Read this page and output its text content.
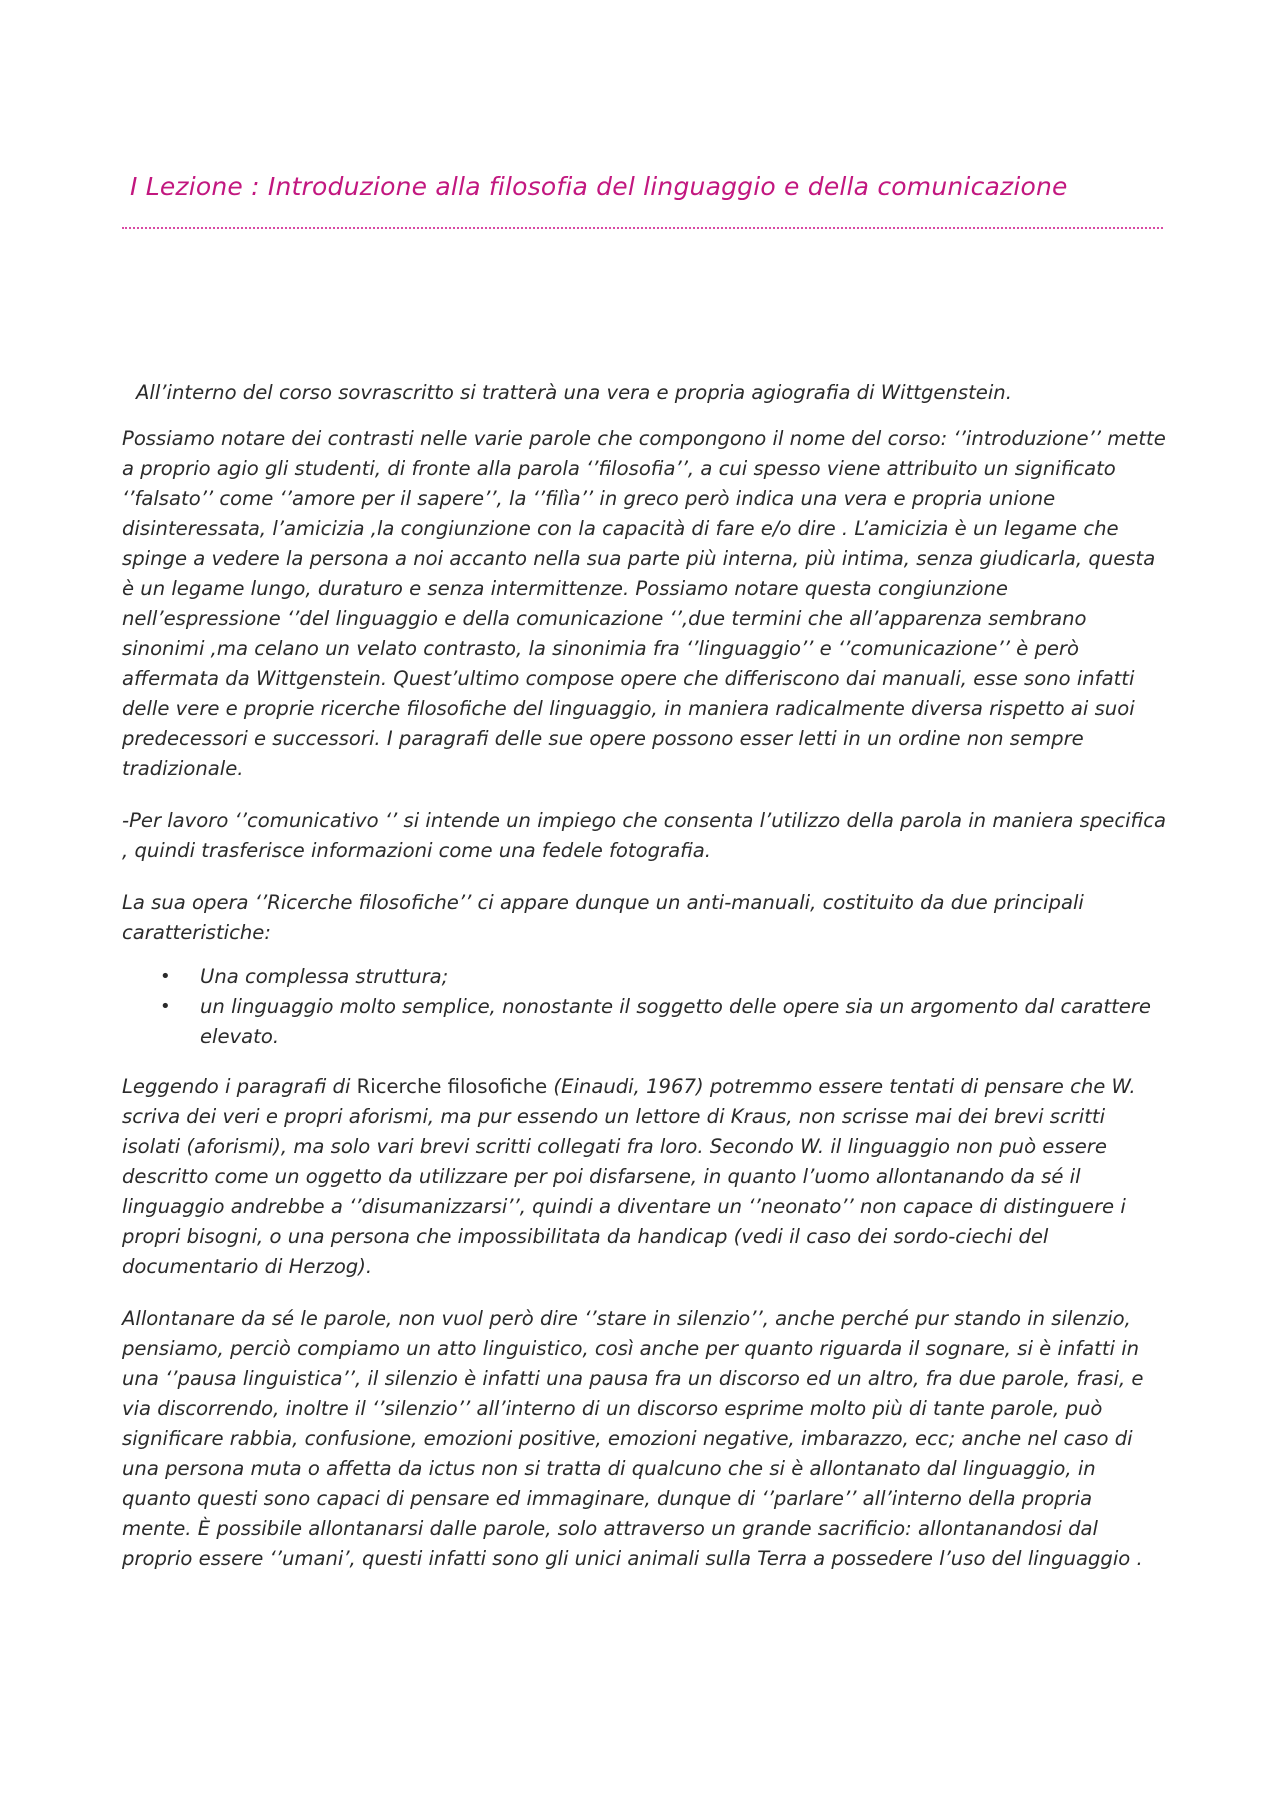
I Lezione : Introduzione alla filosofia del linguaggio e della comunicazione

All’interno del corso sovrascritto si tratterà una vera e propria agiografia di Wittgenstein.

Possiamo notare dei contrasti nelle varie parole che compongono il nome del corso: ‘’introduzione’’ mette a proprio agio gli studenti, di fronte alla parola ‘’filosofia’’, a cui spesso viene attribuito un significato ‘’falsato’’ come ‘’amore per il sapere’’, la ‘’filìa’’ in greco però indica una vera e propria unione disinteressata, l’amicizia ,la congiunzione con la capacità di fare e/o dire . L’amicizia è un legame che spinge a vedere la persona a noi accanto nella sua parte più interna, più intima, senza giudicarla, questa è un legame lungo, duraturo e senza intermittenze. Possiamo notare questa congiunzione nell’espressione ‘’del linguaggio e della comunicazione ‘’,due termini che all’apparenza sembrano sinonimi ,ma celano un velato contrasto, la sinonimia fra ‘’linguaggio’’ e ‘’comunicazione’’ è però affermata da Wittgenstein. Quest’ultimo compose opere che differiscono dai manuali, esse sono infatti delle vere e proprie ricerche filosofiche del linguaggio, in maniera radicalmente diversa rispetto ai suoi predecessori e successori. I paragrafi delle sue opere possono esser letti in un ordine non sempre tradizionale.

-Per lavoro ‘’comunicativo ‘’ si intende un impiego che consenta l’utilizzo della parola in maniera specifica , quindi trasferisce informazioni come una fedele fotografia.

La sua opera ‘’Ricerche filosofiche’’ ci appare dunque un anti-manuali, costituito da due principali caratteristiche:

• Una complessa struttura;
• un linguaggio molto semplice, nonostante il soggetto delle opere sia un argomento dal carattere elevato.

Leggendo i paragrafi di Ricerche filosofiche (Einaudi, 1967) potremmo essere tentati di pensare che W. scriva dei veri e propri aforismi, ma pur essendo un lettore di Kraus, non scrisse mai dei brevi scritti isolati (aforismi), ma solo vari brevi scritti collegati fra loro. Secondo W. il linguaggio non può essere descritto come un oggetto da utilizzare per poi disfarsene, in quanto l’uomo allontanando da sé il linguaggio andrebbe a ‘’disumanizzarsi’’, quindi a diventare un ‘’neonato’’ non capace di distinguere i propri bisogni, o una persona che impossibilitata da handicap (vedi il caso dei sordo-ciechi del documentario di Herzog).

Allontanare da sé le parole, non vuol però dire ‘’stare in silenzio’’, anche perché pur stando in silenzio, pensiamo, perciò compiamo un atto linguistico, così anche per quanto riguarda il sognare, si è infatti in una ‘’pausa linguistica’’, il silenzio è infatti una pausa fra un discorso ed un altro, fra due parole, frasi, e via discorrendo, inoltre il ‘’silenzio’’ all’interno di un discorso esprime molto più di tante parole, può significare rabbia, confusione, emozioni positive, emozioni negative, imbarazzo, ecc; anche nel caso di una persona muta o affetta da ictus non si tratta di qualcuno che si è allontanato dal linguaggio, in quanto questi sono capaci di pensare ed immaginare, dunque di ‘’parlare’’ all’interno della propria mente. È possibile allontanarsi dalle parole, solo attraverso un grande sacrificio: allontanandosi dal proprio essere ‘’umani’, questi infatti sono gli unici animali sulla Terra a possedere l’uso del linguaggio .
